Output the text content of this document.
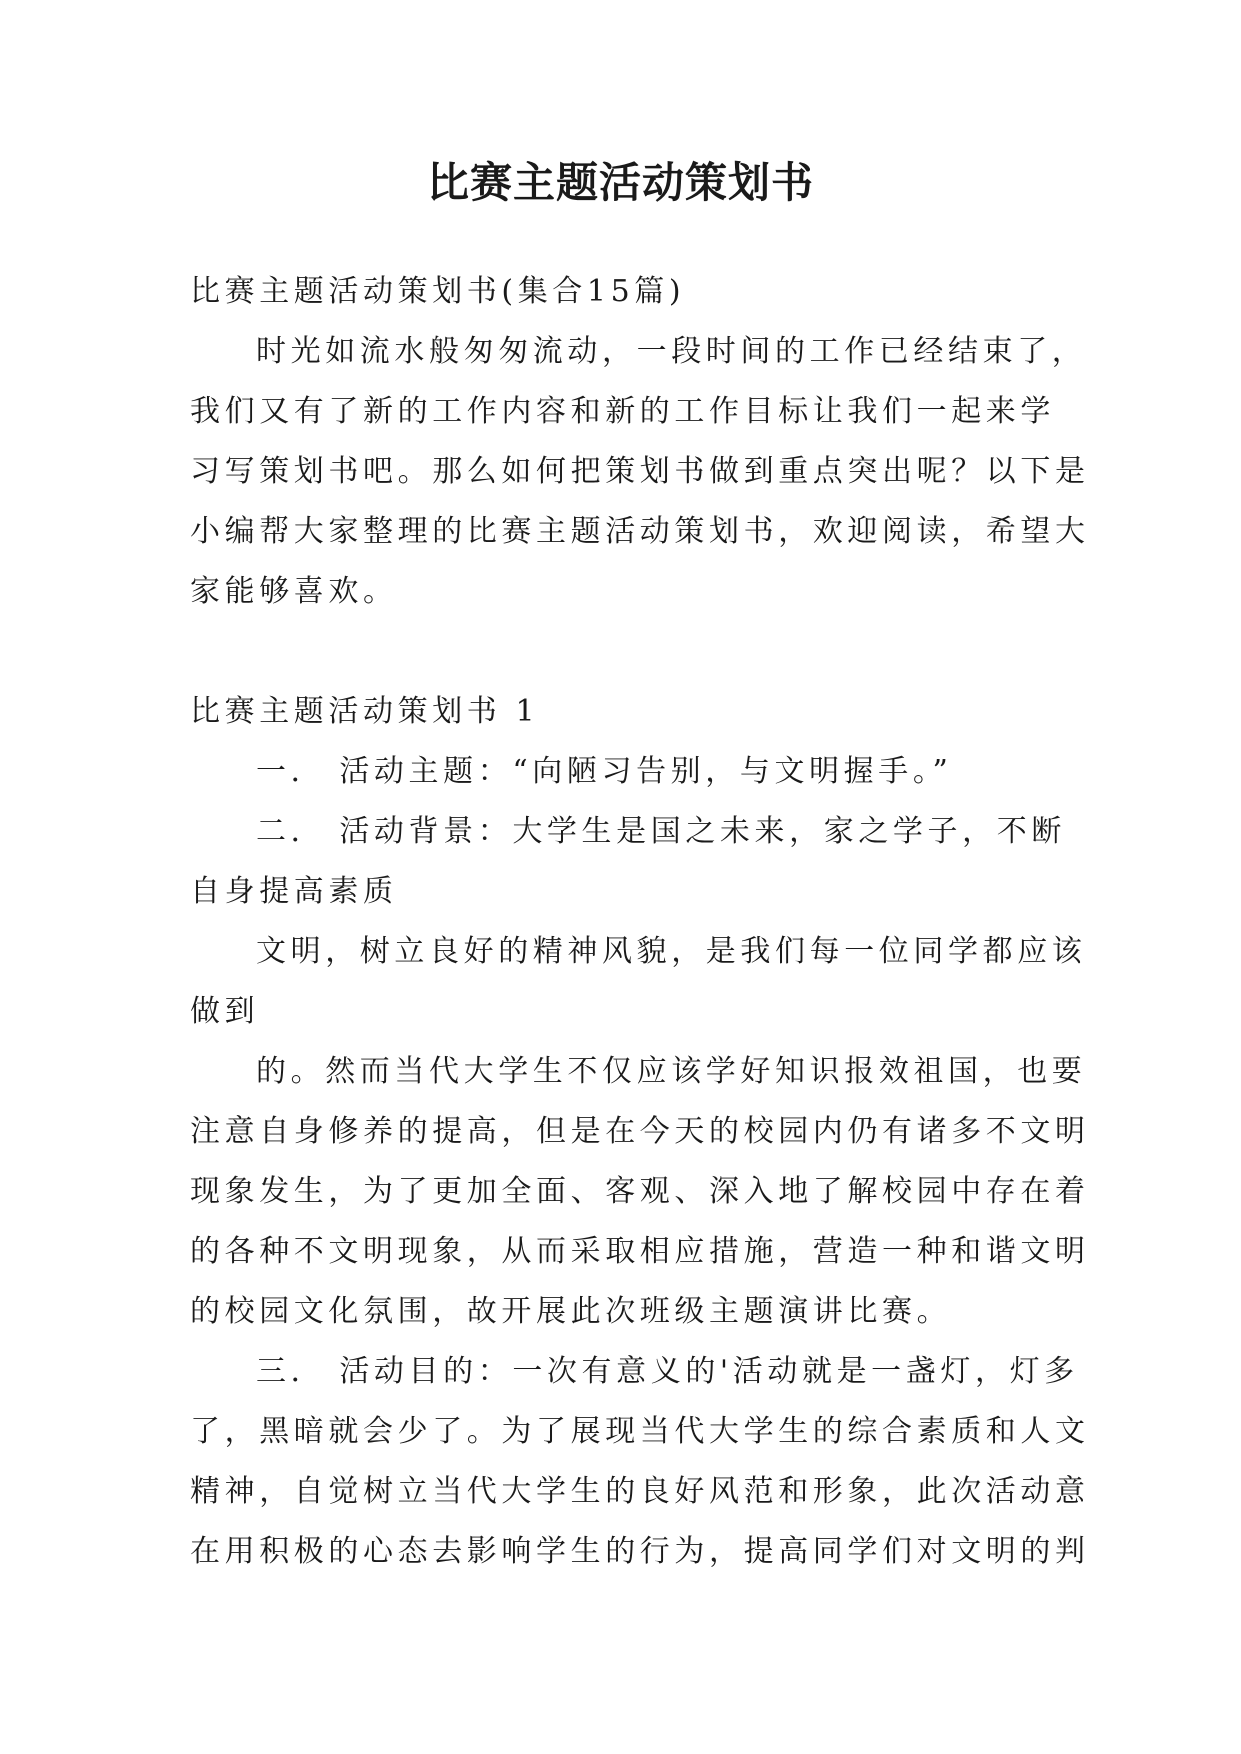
比赛主题活动策划书
比赛主题活动策划书(集合15篇)
时光如流水般匆匆流动，一段时间的工作已经结束了，
我们又有了新的工作内容和新的工作目标让我们一起来学
习写策划书吧。那么如何把策划书做到重点突出呢？以下是
小编帮大家整理的比赛主题活动策划书，欢迎阅读，希望大
家能够喜欢。
比赛主题活动策划书 1
一． 活动主题：“向陋习告别，与文明握手。”
二． 活动背景：大学生是国之未来，家之学子，不断
自身提高素质
文明，树立良好的精神风貌，是我们每一位同学都应该
做到
的。然而当代大学生不仅应该学好知识报效祖国，也要
注意自身修养的提高，但是在今天的校园内仍有诸多不文明
现象发生，为了更加全面、客观、深入地了解校园中存在着
的各种不文明现象，从而采取相应措施，营造一种和谐文明
的校园文化氛围，故开展此次班级主题演讲比赛。
三． 活动目的：一次有意义的'活动就是一盏灯，灯多
了，黑暗就会少了。为了展现当代大学生的综合素质和人文
精神，自觉树立当代大学生的良好风范和形象，此次活动意
在用积极的心态去影响学生的行为，提高同学们对文明的判
